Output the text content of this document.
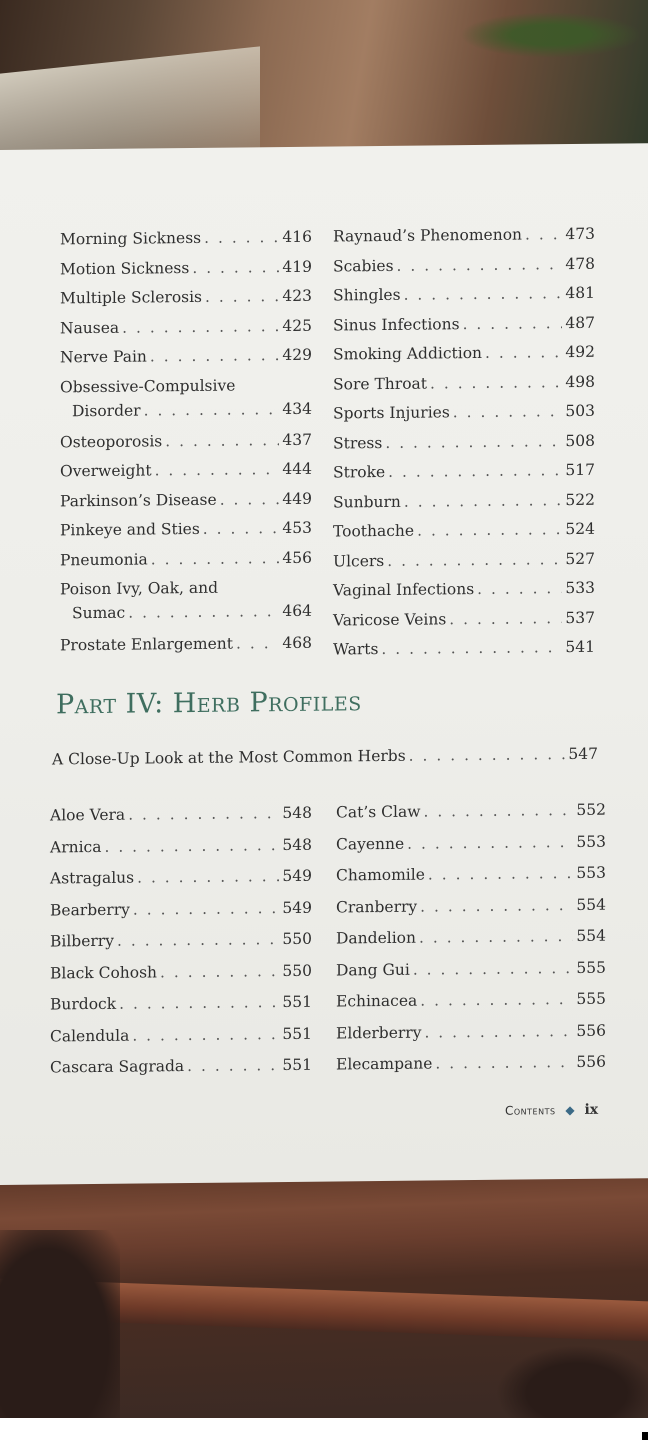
Morning Sickness . . .	416
Motion Sickness . . .	419
Multiple Sclerosis . . .	423
Nausea . . .	425
Nerve Pain . . .	429
Obsessive-Compulsive
Disorder . . .	434
Osteoporosis . . .	437
Overweight . . .	444
Parkinson’s Disease . . .	449
Pinkeye and Sties . . .	453
Pneumonia . . .	456
Poison Ivy, Oak, and
Sumac . . .	464
Prostate Enlargement . . .	468
Raynaud’s Phenomenon . . .	473
Scabies . . .	478
Shingles . . .	481
Sinus Infections . . .	487
Smoking Addiction . . .	492
Sore Throat . . .	498
Sports Injuries . . .	503
Stress . . .	508
Stroke . . .	517
Sunburn . . .	522
Toothache . . .	524
Ulcers . . .	527
Vaginal Infections . . .	533
Varicose Veins . . .	537
Warts . . .	541
Part IV: Herb Profiles
A Close-Up Look at the Most Common Herbs . . .	547
Aloe Vera . . .	548
Arnica . . .	548
Astragalus . . .	549
Bearberry . . .	549
Bilberry . . .	550
Black Cohosh . . .	550
Burdock . . .	551
Calendula . . .	551
Cascara Sagrada . . .	551
Cat’s Claw . . .	552
Cayenne . . .	553
Chamomile . . .	553
Cranberry . . .	554
Dandelion . . .	554
Dang Gui . . .	555
Echinacea . . .	555
Elderberry . . .	556
Elecampane . . .	556
Contents ◆ ix
